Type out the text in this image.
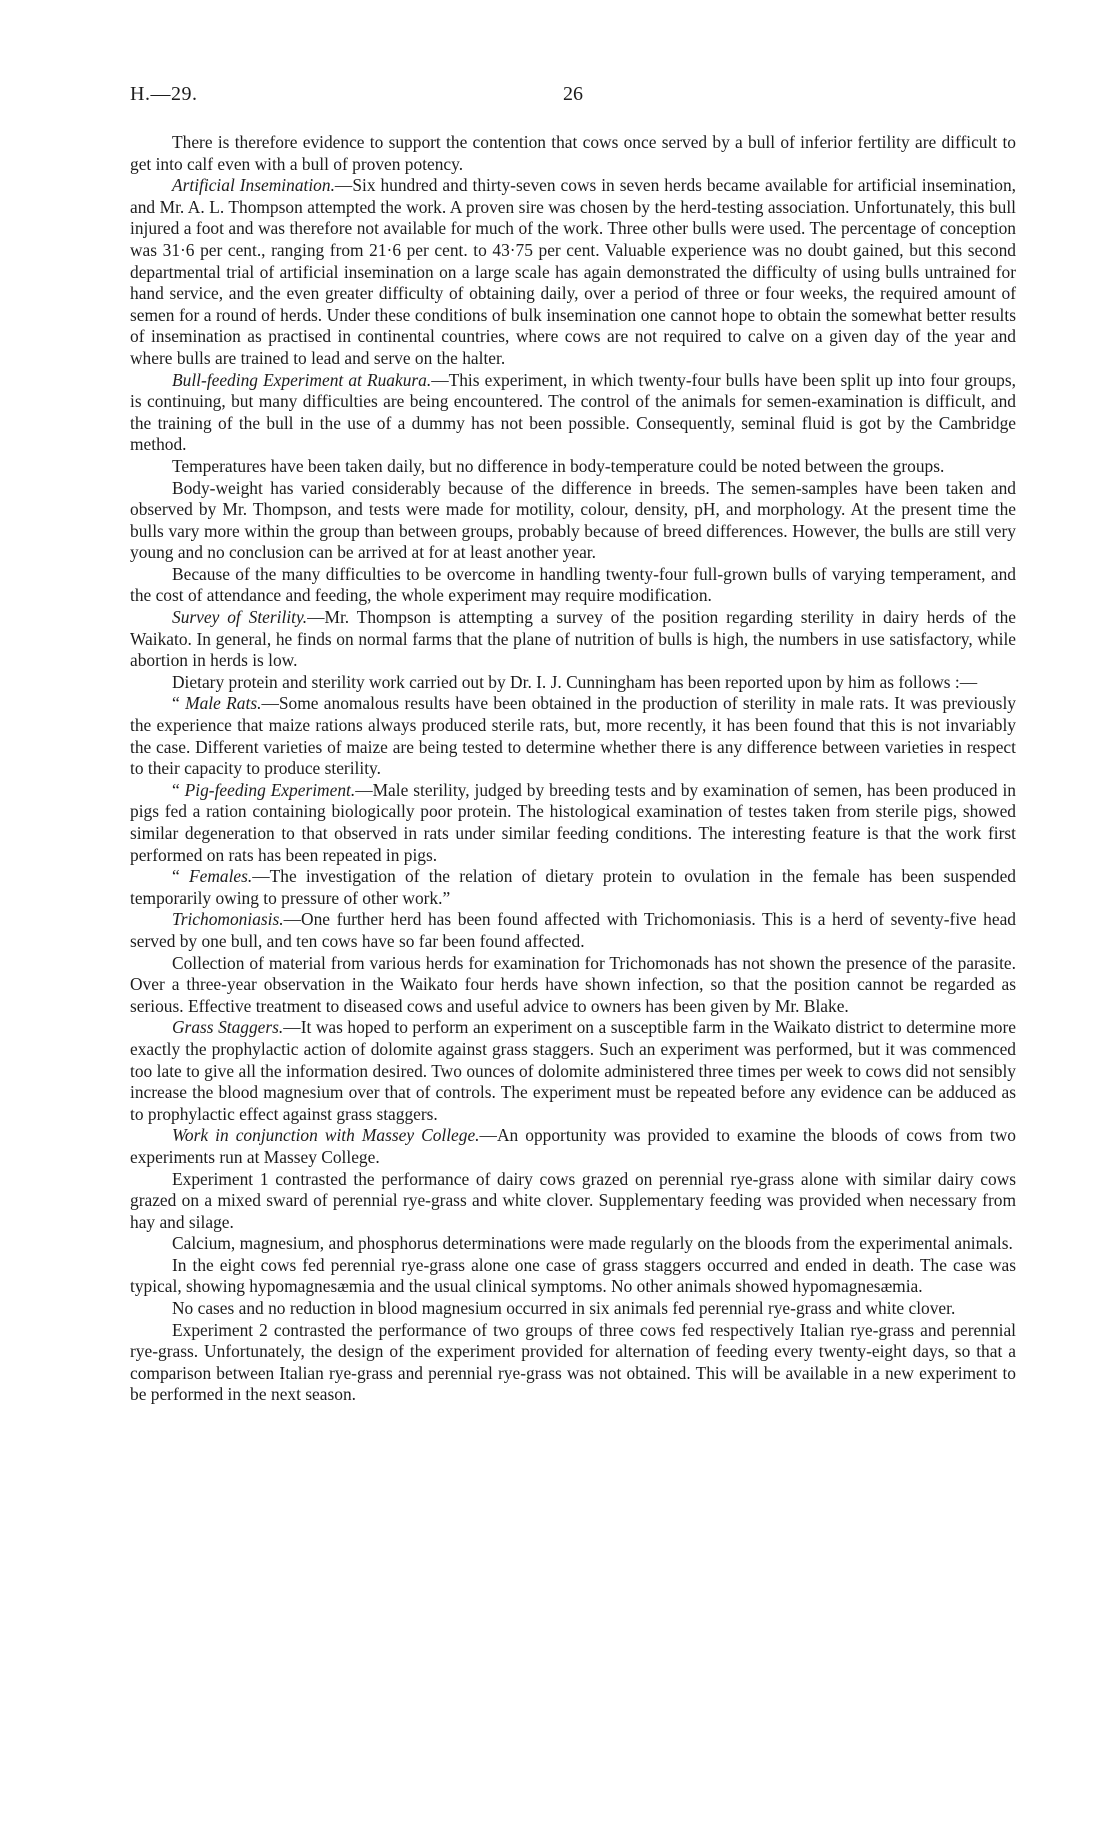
H.—29.	26

There is therefore evidence to support the contention that cows once served by a bull of inferior fertility are difficult to get into calf even with a bull of proven potency.

Artificial Insemination.—Six hundred and thirty-seven cows in seven herds became available for artificial insemination, and Mr. A. L. Thompson attempted the work. A proven sire was chosen by the herd-testing association. Unfortunately, this bull injured a foot and was therefore not available for much of the work. Three other bulls were used. The percentage of conception was 31·6 per cent., ranging from 21·6 per cent. to 43·75 per cent. Valuable experience was no doubt gained, but this second departmental trial of artificial insemination on a large scale has again demonstrated the difficulty of using bulls untrained for hand service, and the even greater difficulty of obtaining daily, over a period of three or four weeks, the required amount of semen for a round of herds. Under these conditions of bulk insemination one cannot hope to obtain the somewhat better results of insemination as practised in continental countries, where cows are not required to calve on a given day of the year and where bulls are trained to lead and serve on the halter.

Bull-feeding Experiment at Ruakura.—This experiment, in which twenty-four bulls have been split up into four groups, is continuing, but many difficulties are being encountered. The control of the animals for semen-examination is difficult, and the training of the bull in the use of a dummy has not been possible. Consequently, seminal fluid is got by the Cambridge method.

Temperatures have been taken daily, but no difference in body-temperature could be noted between the groups.

Body-weight has varied considerably because of the difference in breeds. The semen-samples have been taken and observed by Mr. Thompson, and tests were made for motility, colour, density, pH, and morphology. At the present time the bulls vary more within the group than between groups, probably because of breed differences. However, the bulls are still very young and no conclusion can be arrived at for at least another year.

Because of the many difficulties to be overcome in handling twenty-four full-grown bulls of varying temperament, and the cost of attendance and feeding, the whole experiment may require modification.

Survey of Sterility.—Mr. Thompson is attempting a survey of the position regarding sterility in dairy herds of the Waikato. In general, he finds on normal farms that the plane of nutrition of bulls is high, the numbers in use satisfactory, while abortion in herds is low.

Dietary protein and sterility work carried out by Dr. I. J. Cunningham has been reported upon by him as follows :—

“ Male Rats.—Some anomalous results have been obtained in the production of sterility in male rats. It was previously the experience that maize rations always produced sterile rats, but, more recently, it has been found that this is not invariably the case. Different varieties of maize are being tested to determine whether there is any difference between varieties in respect to their capacity to produce sterility.

“ Pig-feeding Experiment.—Male sterility, judged by breeding tests and by examination of semen, has been produced in pigs fed a ration containing biologically poor protein. The histological examination of testes taken from sterile pigs, showed similar degeneration to that observed in rats under similar feeding conditions. The interesting feature is that the work first performed on rats has been repeated in pigs.

“ Females.—The investigation of the relation of dietary protein to ovulation in the female has been suspended temporarily owing to pressure of other work.”

Trichomoniasis.—One further herd has been found affected with Trichomoniasis. This is a herd of seventy-five head served by one bull, and ten cows have so far been found affected.

Collection of material from various herds for examination for Trichomonads has not shown the presence of the parasite. Over a three-year observation in the Waikato four herds have shown infection, so that the position cannot be regarded as serious. Effective treatment to diseased cows and useful advice to owners has been given by Mr. Blake.

Grass Staggers.—It was hoped to perform an experiment on a susceptible farm in the Waikato district to determine more exactly the prophylactic action of dolomite against grass staggers. Such an experiment was performed, but it was commenced too late to give all the information desired. Two ounces of dolomite administered three times per week to cows did not sensibly increase the blood magnesium over that of controls. The experiment must be repeated before any evidence can be adduced as to prophylactic effect against grass staggers.

Work in conjunction with Massey College.—An opportunity was provided to examine the bloods of cows from two experiments run at Massey College.

Experiment 1 contrasted the performance of dairy cows grazed on perennial rye-grass alone with similar dairy cows grazed on a mixed sward of perennial rye-grass and white clover. Supplementary feeding was provided when necessary from hay and silage.

Calcium, magnesium, and phosphorus determinations were made regularly on the bloods from the experimental animals.

In the eight cows fed perennial rye-grass alone one case of grass staggers occurred and ended in death. The case was typical, showing hypomagnesæmia and the usual clinical symptoms. No other animals showed hypomagnesæmia.

No cases and no reduction in blood magnesium occurred in six animals fed perennial rye-grass and white clover.

Experiment 2 contrasted the performance of two groups of three cows fed respectively Italian rye-grass and perennial rye-grass. Unfortunately, the design of the experiment provided for alternation of feeding every twenty-eight days, so that a comparison between Italian rye-grass and perennial rye-grass was not obtained. This will be available in a new experiment to be performed in the next season.
